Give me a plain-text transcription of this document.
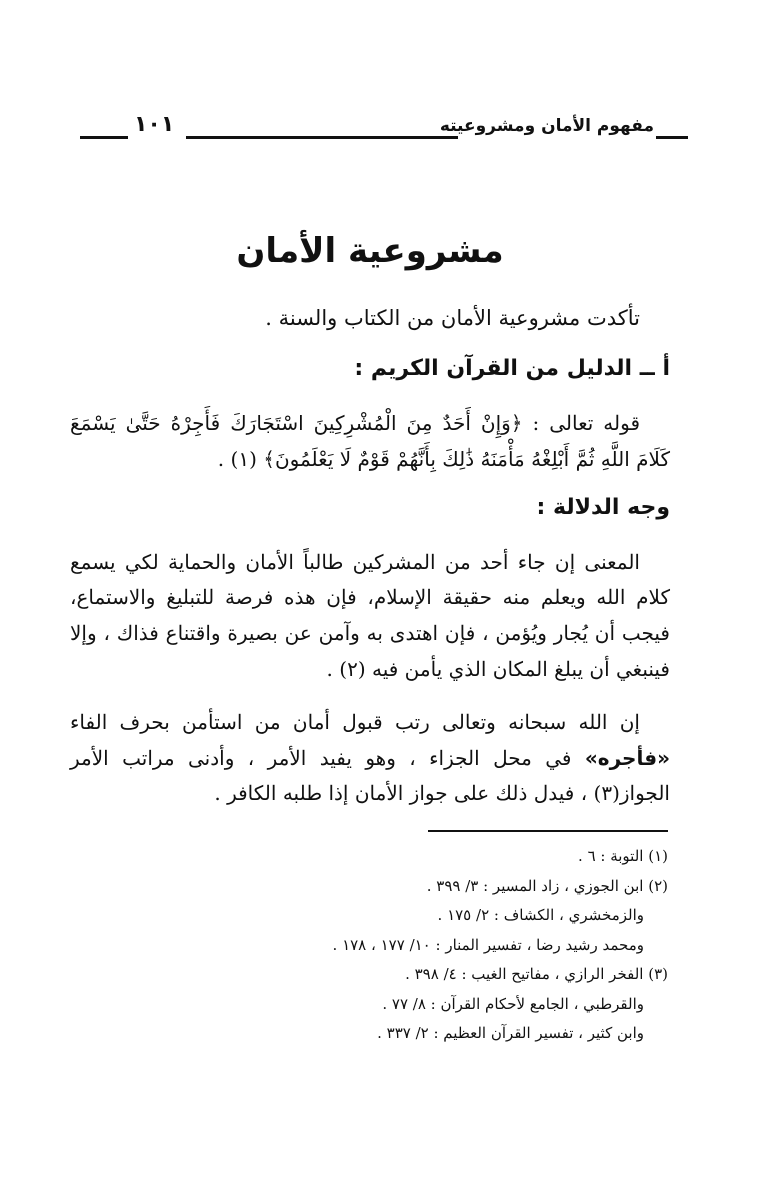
مفهوم الأمان ومشروعيته
١٠١
مشروعية الأمان

تأكدت مشروعية الأمان من الكتاب والسنة .

أ ــ الدليل من القرآن الكريم :

قوله تعالى : ﴿وَإِنْ أَحَدٌ مِنَ الْمُشْرِكِينَ اسْتَجَارَكَ فَأَجِرْهُ حَتَّىٰ يَسْمَعَ كَلَامَ اللَّهِ ثُمَّ أَبْلِغْهُ مَأْمَنَهُ ذَٰلِكَ بِأَنَّهُمْ قَوْمٌ لَا يَعْلَمُونَ﴾ (١) .

وجه الدلالة :

المعنى إن جاء أحد من المشركين طالباً الأمان والحماية لكي يسمع كلام الله ويعلم منه حقيقة الإسلام، فإن هذه فرصة للتبليغ والاستماع، فيجب أن يُجار ويُؤمن ، فإن اهتدى به وآمن عن بصيرة واقتناع فذاك ، وإلا فينبغي أن يبلغ المكان الذي يأمن فيه (٢) .

إن الله سبحانه وتعالى رتب قبول أمان من استأمن بحرف الفاء «فأجره» في محل الجزاء ، وهو يفيد الأمر ، وأدنى مراتب الأمر الجواز(٣) ، فيدل ذلك على جواز الأمان إذا طلبه الكافر .

(١) التوبة : ٦ .
(٢) ابن الجوزي ، زاد المسير : ٣/ ٣٩٩ .
والزمخشري ، الكشاف : ٢/ ١٧٥ .
ومحمد رشيد رضا ، تفسير المنار : ١٠/ ١٧٧ ، ١٧٨ .
(٣) الفخر الرازي ، مفاتيح الغيب : ٤/ ٣٩٨ .
والقرطبي ، الجامع لأحكام القرآن : ٨/ ٧٧ .
وابن كثير ، تفسير القرآن العظيم : ٢/ ٣٣٧ .
